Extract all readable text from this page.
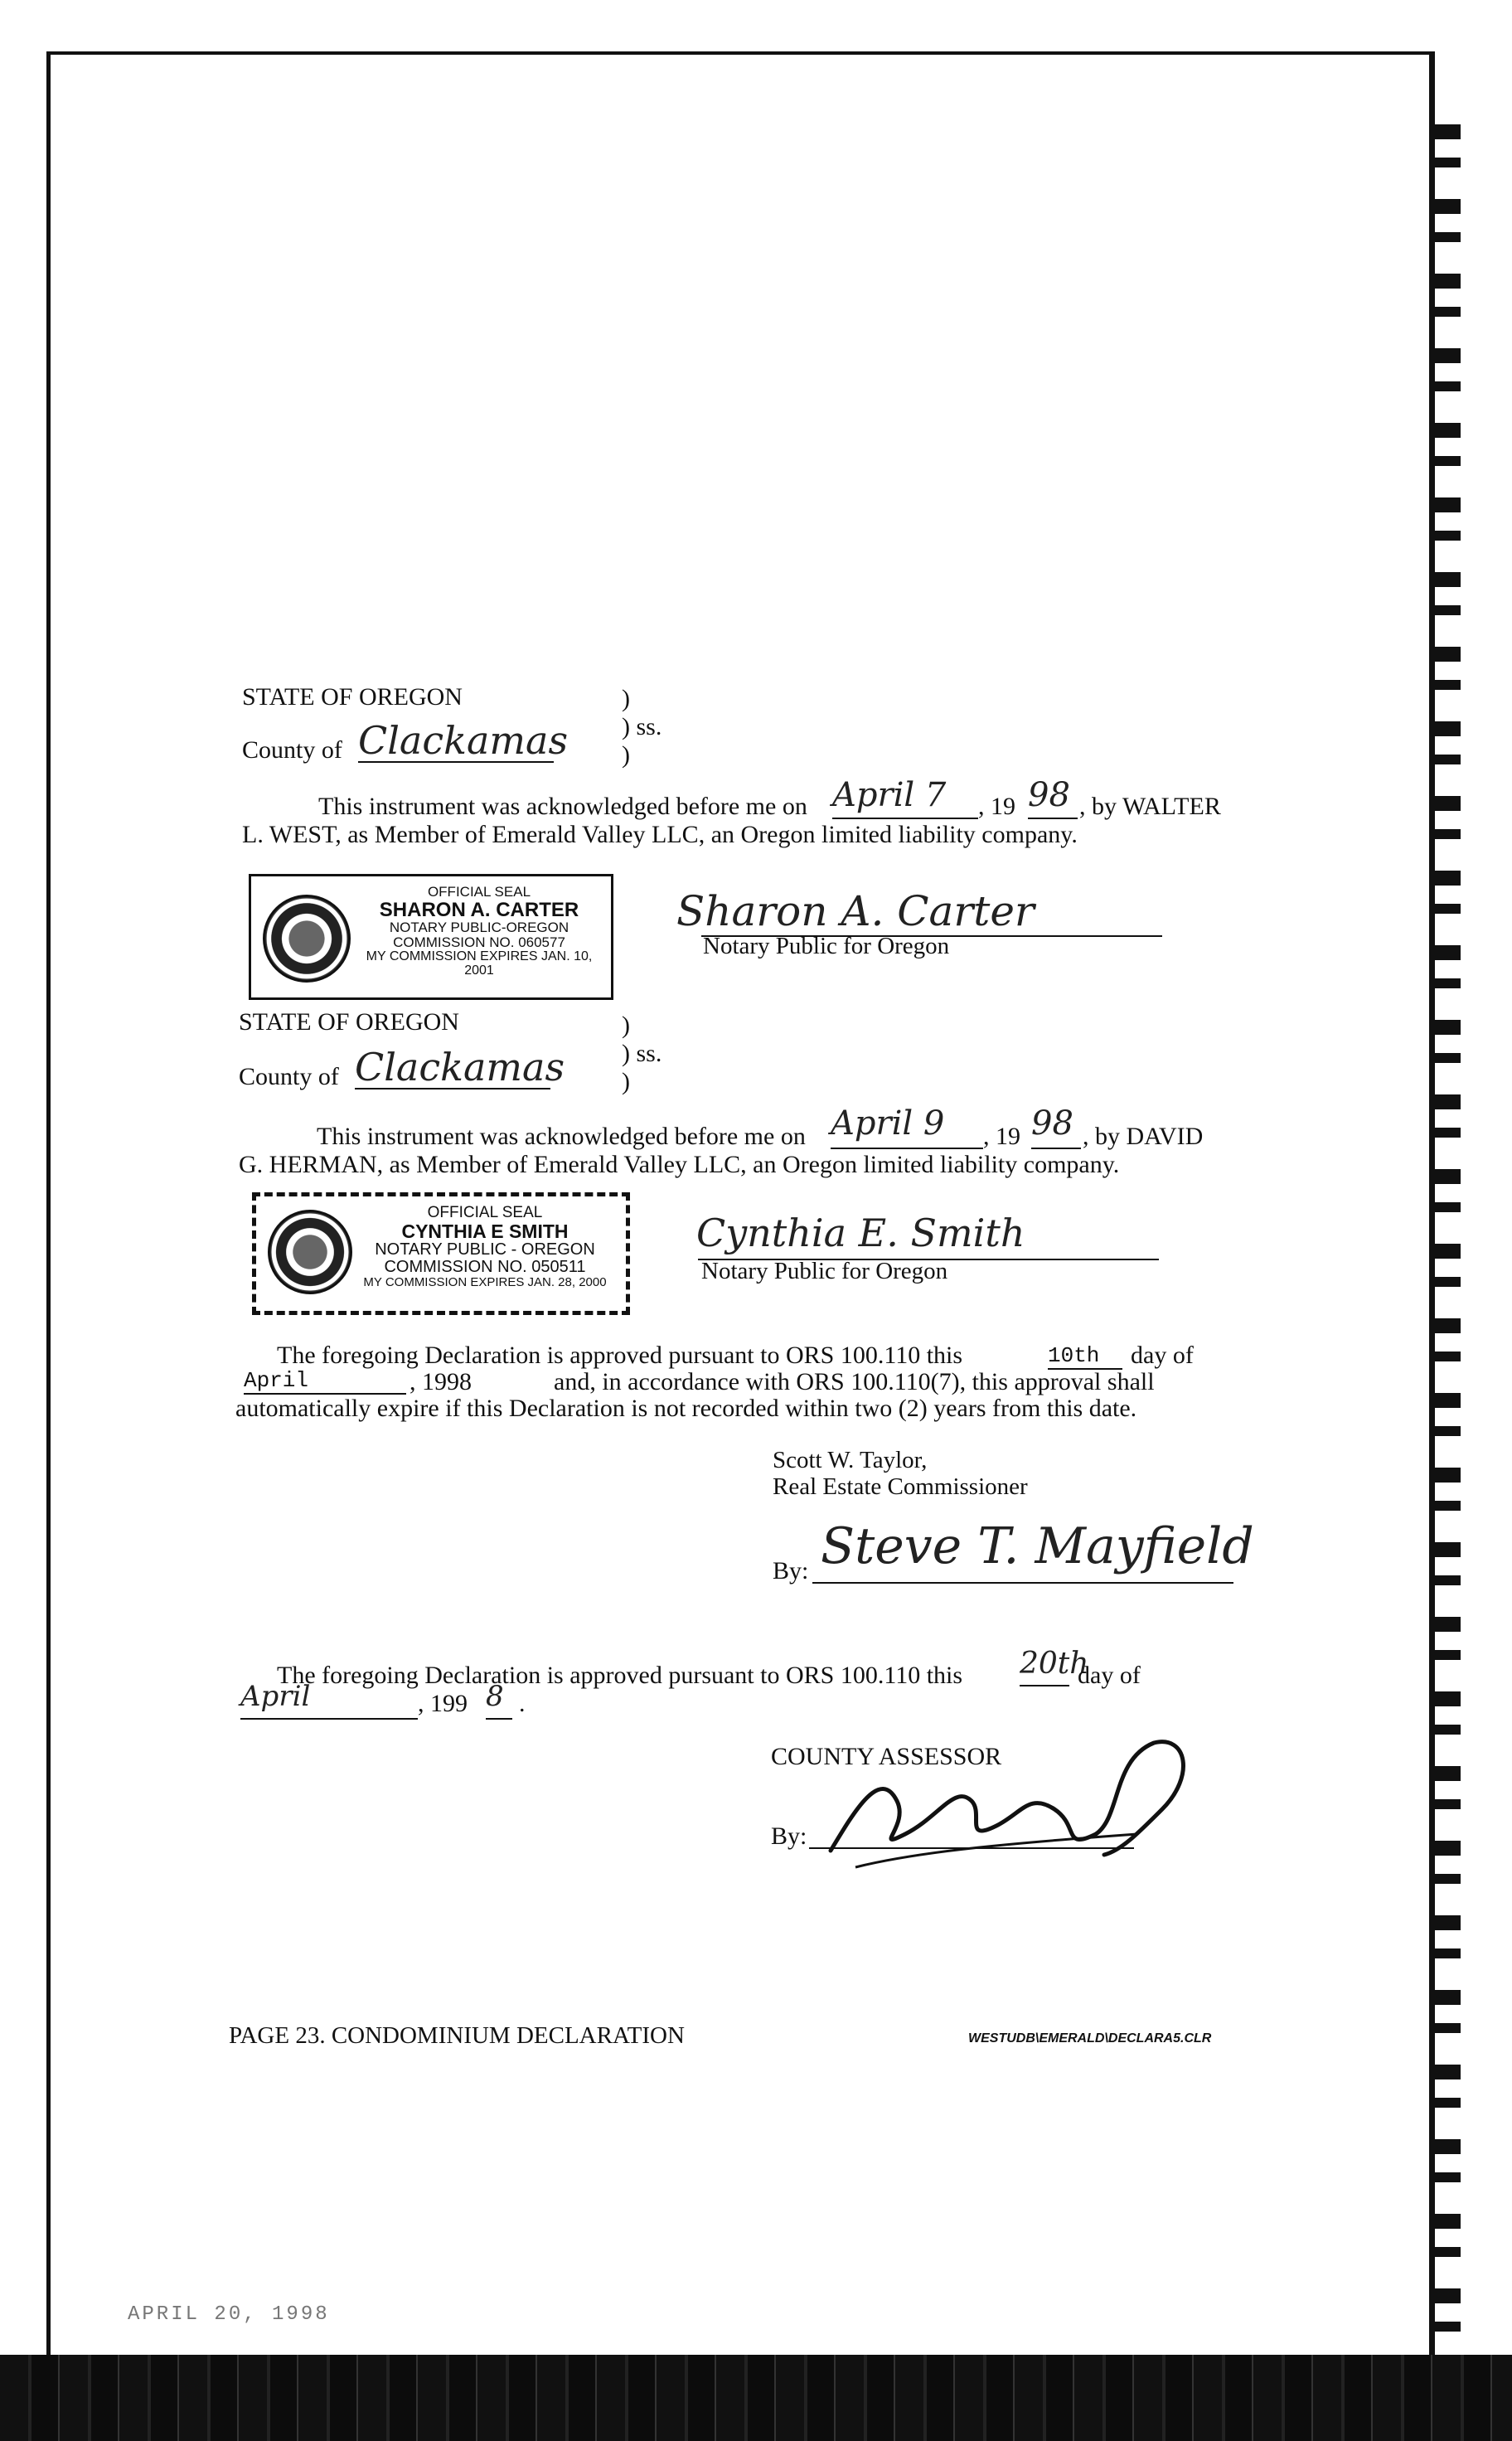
STATE OF OREGON
County of Clackamas
)
) ss.
)
This instrument was acknowledged before me on April 7	, 19 98 , by WALTER
L. WEST, as Member of Emerald Valley LLC, an Oregon limited liability company.
OFFICIAL SEAL
SHARON A. CARTER
NOTARY PUBLIC-OREGON
COMMISSION NO. 060577
MY COMMISSION EXPIRES JAN. 10, 2001
Sharon A. Carter
Notary Public for Oregon
STATE OF OREGON
County of Clackamas
)
) ss.
)
This instrument was acknowledged before me on April 9	, 19 98 , by DAVID
G. HERMAN, as Member of Emerald Valley LLC, an Oregon limited liability company.
OFFICIAL SEAL
CYNTHIA E SMITH
NOTARY PUBLIC - OREGON
COMMISSION NO. 050511
MY COMMISSION EXPIRES JAN. 28, 2000
Cynthia E. Smith
Notary Public for Oregon
The foregoing Declaration is approved pursuant to ORS 100.110 this	10th	day of
April	, 1998	and, in accordance with ORS 100.110(7), this approval shall
automatically expire if this Declaration is not recorded within two (2) years from this date.
Scott W. Taylor,
Real Estate Commissioner
By: Steve T. Mayfield
The foregoing Declaration is approved pursuant to ORS 100.110 this 20th
day of
April	, 199 8 .
COUNTY ASSESSOR
By:
PAGE 23. CONDOMINIUM DECLARATION	WESTUDB\EMERALD\DECLARA5.CLR
APRIL 20, 1998
